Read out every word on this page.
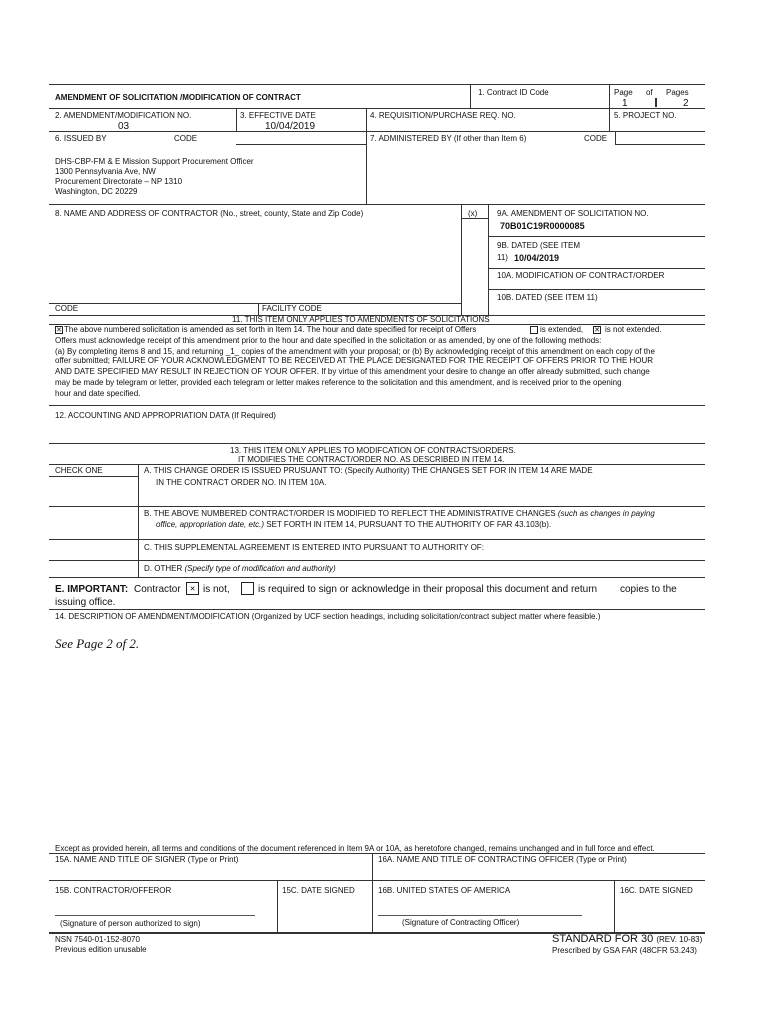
AMENDMENT OF SOLICITATION /MODIFICATION OF CONTRACT
1. Contract ID Code	Page of Pages
1	2
2. AMENDMENT/MODIFICATION NO.
03
3. EFFECTIVE DATE
10/04/2019
4. REQUISITION/PURCHASE REQ. NO.	5. PROJECT NO.
6. ISSUED BY	CODE	7. ADMINISTERED BY (If other than Item 6)	CODE
DHS-CBP-FM & E Mission Support Procurement Officer
1300 Pennsylvania Ave, NW
Procurement Directorate – NP 1310
Washington, DC 20229
8. NAME AND ADDRESS OF CONTRACTOR (No., street, county, State and Zip Code)	(x) 9A. AMENDMENT OF SOLICITATION NO.
70B01C19R0000085
9B. DATED (SEE ITEM
11) 10/04/2019
10A. MODIFICATION OF CONTRACT/ORDER
10B. DATED (SEE ITEM 11)
CODE	FACILITY CODE
11. THIS ITEM ONLY APPLIES TO AMENDMENTS OF SOLICITATIONS
✕
The above numbered solicitation is amended as set forth in Item 14. The hour and date specified for receipt of Offers	is extended, ✕	is not extended.
Offers must acknowledge receipt of this amendment prior to the hour and date specified in the solicitation or as amended, by one of the following methods:
(a) By completing items 8 and 15, and returning _1_ copies of the amendment with your proposal; or (b) By acknowledging receipt of this amendment on each copy of the
offer submitted; FAILURE OF YOUR ACKNOWLEDGMENT TO BE RECEIVED AT THE PLACE DESIGNATED FOR THE RECEIPT OF OFFERS PRIOR TO THE HOUR
AND DATE SPECIFIED MAY RESULT IN REJECTION OF YOUR OFFER. If by virtue of this amendment your desire to change an offer already submitted, such change
may be made by telegram or letter, provided each telegram or letter makes reference to the solicitation and this amendment, and is received prior to the opening
hour and date specified.
12. ACCOUNTING AND APPROPRIATION DATA (If Required)
13. THIS ITEM ONLY APPLIES TO MODIFCATION OF CONTRACTS/ORDERS.
IT MODIFIES THE CONTRACT/ORDER NO. AS DESCRIBED IN ITEM 14.
CHECK ONE	A. THIS CHANGE ORDER IS ISSUED PRUSUANT TO: (Specify Authority) THE CHANGES SET FOR IN ITEM 14 ARE MADE
IN THE CONTRACT ORDER NO. IN ITEM 10A.
B. THE ABOVE NUMBERED CONTRACT/ORDER IS MODIFIED TO REFLECT THE ADMINISTRATIVE CHANGES (such as changes in paying
office, appropriation date, etc.) SET FORTH IN ITEM 14, PURSUANT TO THE AUTHORITY OF FAR 43.103(b).
C. THIS SUPPLEMENTAL AGREEMENT IS ENTERED INTO PURSUANT TO AUTHORITY OF:
D. OTHER (Specify type of modification and authority)
E. IMPORTANT: Contractor ✕ is not,	is required to sign or acknowledge in their proposal this document and return copies to the
issuing office.
14. DESCRIPTION OF AMENDMENT/MODIFICATION (Organized by UCF section headings, including solicitation/contract subject matter where feasible.)
See Page 2 of 2.
Except as provided herein, all terms and conditions of the document referenced in Item 9A or 10A, as heretofore changed, remains unchanged and in full force and effect.
15A. NAME AND TITLE OF SIGNER (Type or Print)	16A. NAME AND TITLE OF CONTRACTING OFFICER (Type or Print)
15B. CONTRACTOR/OFFEROR	15C. DATE SIGNED	16B. UNITED STATES OF AMERICA	16C. DATE SIGNED
(Signature of person authorized to sign)	(Signature of Contracting Officer)
NSN 7540-01-152-8070
Previous edition unusable
STANDARD FOR 30 (REV. 10-83)
Prescribed by GSA FAR (48CFR 53.243)
